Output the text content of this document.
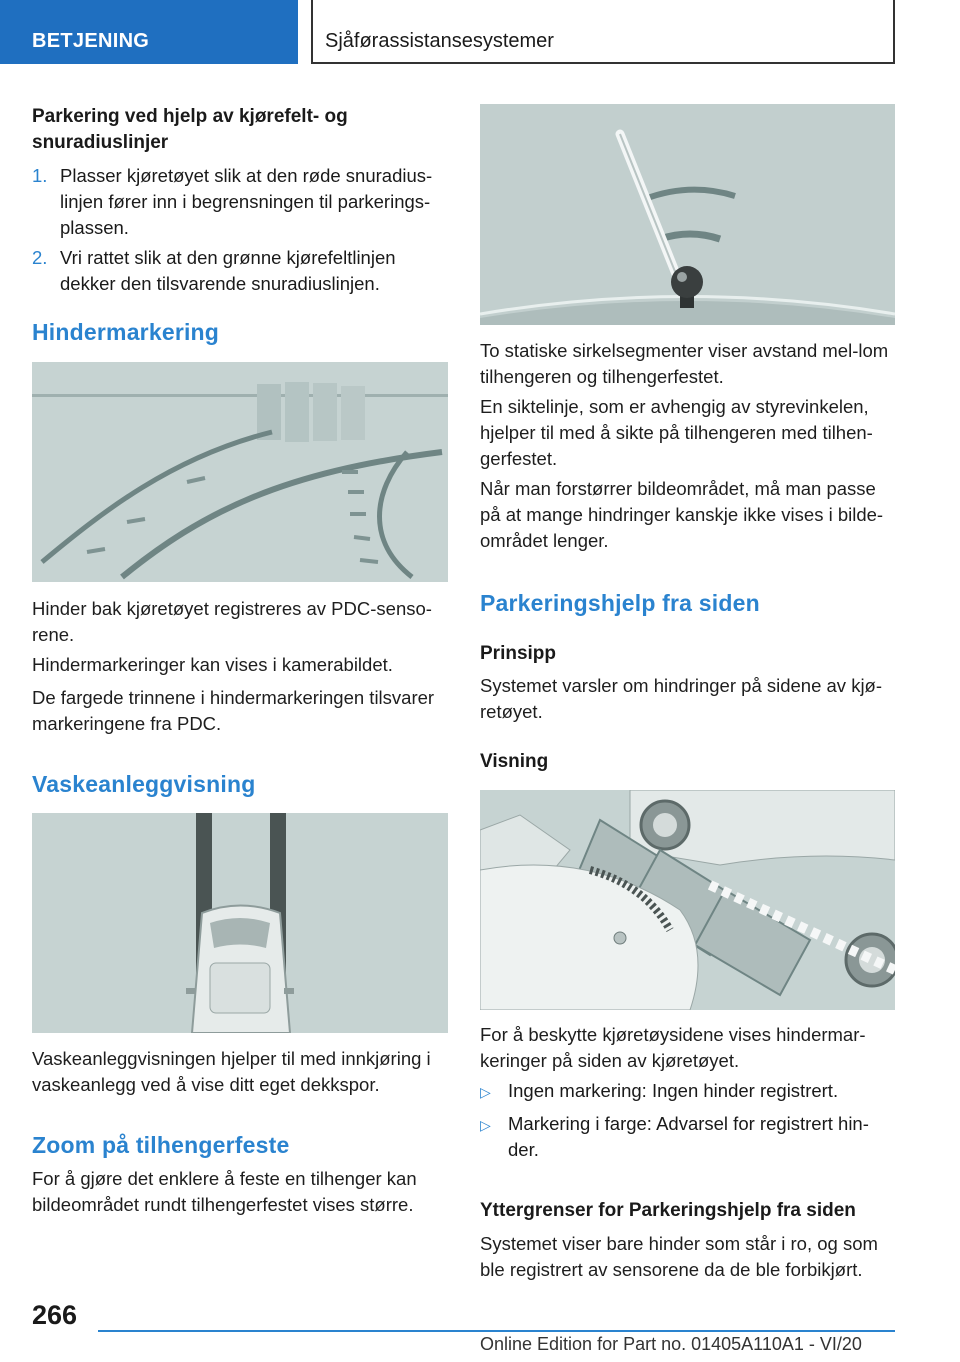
BETJENING	Sjåførassistansesystemer
Parkering ved hjelp av kjørefelt- og snuradiuslinjer
1. Plasser kjøretøyet slik at den røde snuradius-linjen fører inn i begrensningen til parkerings-plassen.
2. Vri rattet slik at den grønne kjørefeltlinjen dekker den tilsvarende snuradiuslinjen.
Hindermarkering
Hinder bak kjøretøyet registreres av PDC-senso-rene.
Hindermarkeringer kan vises i kamerabildet.
De fargede trinnene i hindermarkeringen tilsvarer markeringene fra PDC.
Vaskeanleggvisning
Vaskeanleggvisningen hjelper til med innkjøring i vaskeanlegg ved å vise ditt eget dekkspor.
Zoom på tilhengerfeste
For å gjøre det enklere å feste en tilhenger kan bildeområdet rundt tilhengerfestet vises større.
To statiske sirkelsegmenter viser avstand mel-lom tilhengeren og tilhengerfestet.
En siktelinje, som er avhengig av styrevinkelen, hjelper til med å sikte på tilhengeren med tilhen-gerfestet.
Når man forstørrer bildeområdet, må man passe på at mange hindringer kanskje ikke vises i bilde-området lenger.
Parkeringshjelp fra siden
Prinsipp
Systemet varsler om hindringer på sidene av kjø-retøyet.
Visning
For å beskytte kjøretøysidene vises hindermar-keringer på siden av kjøretøyet.
▷ Ingen markering: Ingen hinder registrert.
▷ Markering i farge: Advarsel for registrert hin-der.
Yttergrenser for Parkeringshjelp fra siden
Systemet viser bare hinder som står i ro, og som ble registrert av sensorene da de ble forbikjørt.
266
Online Edition for Part no. 01405A110A1 - VI/20
